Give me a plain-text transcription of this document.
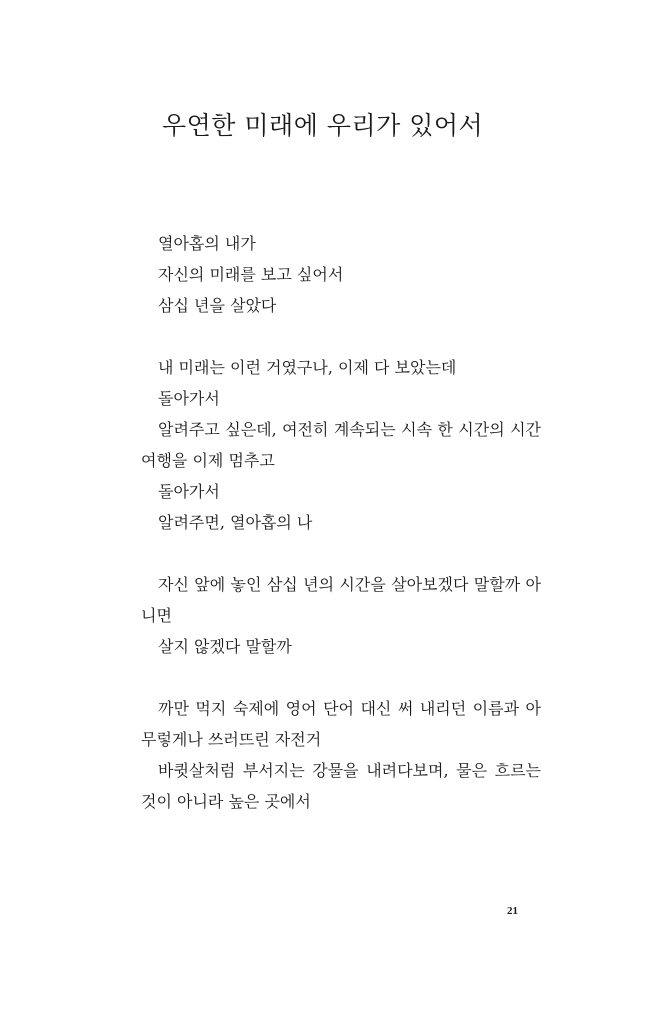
우연한 미래에 우리가 있어서
열아홉의 내가
자신의 미래를 보고 싶어서
삼십 년을 살았다
내 미래는 이런 거였구나, 이제 다 보았는데
돌아가서
알려주고 싶은데, 여전히 계속되는 시속 한 시간의 시간 여행을 이제 멈추고
돌아가서
알려주면, 열아홉의 나
자신 앞에 놓인 삼십 년의 시간을 살아보겠다 말할까 아니면
살지 않겠다 말할까
까만 먹지 숙제에 영어 단어 대신 써 내리던 이름과 아무렇게나 쓰러뜨린 자전거
바큇살처럼 부서지는 강물을 내려다보며, 물은 흐르는 것이 아니라 높은 곳에서
21
